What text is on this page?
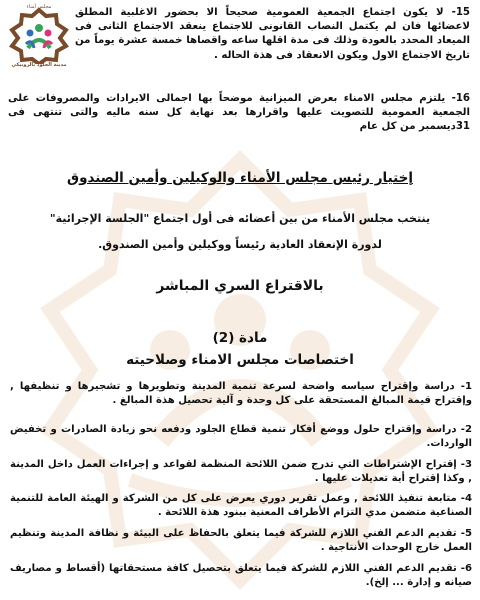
مجلس أمناء
مدينة الجلود بالروبيكي

15- لا يكون اجتماع الجمعية العمومية صحيحاً الا بحضور الاغلبية المطلق لاعضائها فان لم يكتمل النصاب القانونى للاجتماع ينعقد الاجتماع الثانى فى الميعاد المحدد بالعودة وذلك فى مدة اقلها ساعه واقصاها خمسة عشرة يوماً من تاريخ الاجتماع الاول ويكون الانعقاد فى هذة الحاله .

16- يلتزم مجلس الامناء بعرض الميزانية موضحاً بها اجمالى الايرادات والمصروفات على الجمعية العمومية للتصويت عليها واقرارها بعد نهاية كل سنه ماليه والتى تنتهى فى 31ديسمبر من كل عام

إختيار رئيس مجلس الأمناء والوكيلين وأمين الصندوق
ينتخب مجلس الأمناء من بين أعضائه فى أول اجتماع "الجلسة الإجرائية"
لدورة الإنعقاد العادية رئيساً ووكيلين وأمين الصندوق.
بالاقتراع السري المباشر
مادة (2)
اختصاصات مجلس الامناء وصلاحيته

1- دراسة وإقتراح سياسه واضحة لسرعة تنمية المدينة وتطويرها و تشجيرها و تنظيفها , وإقتراح قيمة المبالغ المستحقة على كل وحدة و آلية تحصيل هذة المبالغ .

2- دراسة وإقتراح حلول ووضع أفكار تنمية قطاع الجلود ودفعه نحو زيادة الصادرات و تخفيض الواردات.

3- إقتراح الإشتراطات التي تدرج ضمن اللائحة المنظمة لقواعد و إجراءات العمل داخل المدينة , وكذا إقتراح أية تعديلات عليها .

4- متابعة تنفيذ اللائحة , وعمل تقرير دوري يعرض على كل من الشركة و الهيئة العامة للتنمية الصناعية متضمن مدي التزام الأطراف المعنية ببنود هذة اللائحة .

5- تقديم الدعم الفني اللازم للشركة فيما يتعلق بالحفاظ على البيئة و نظافة المدينة وتنظيم العمل خارج الوحدات الأنتاجية .

6- تقديم الدعم الفني اللازم للشركة فيما يتعلق بتحصيل كافة مستحقاتها (أقساط و مصاريف صيانه و إدارة ... إلخ).
